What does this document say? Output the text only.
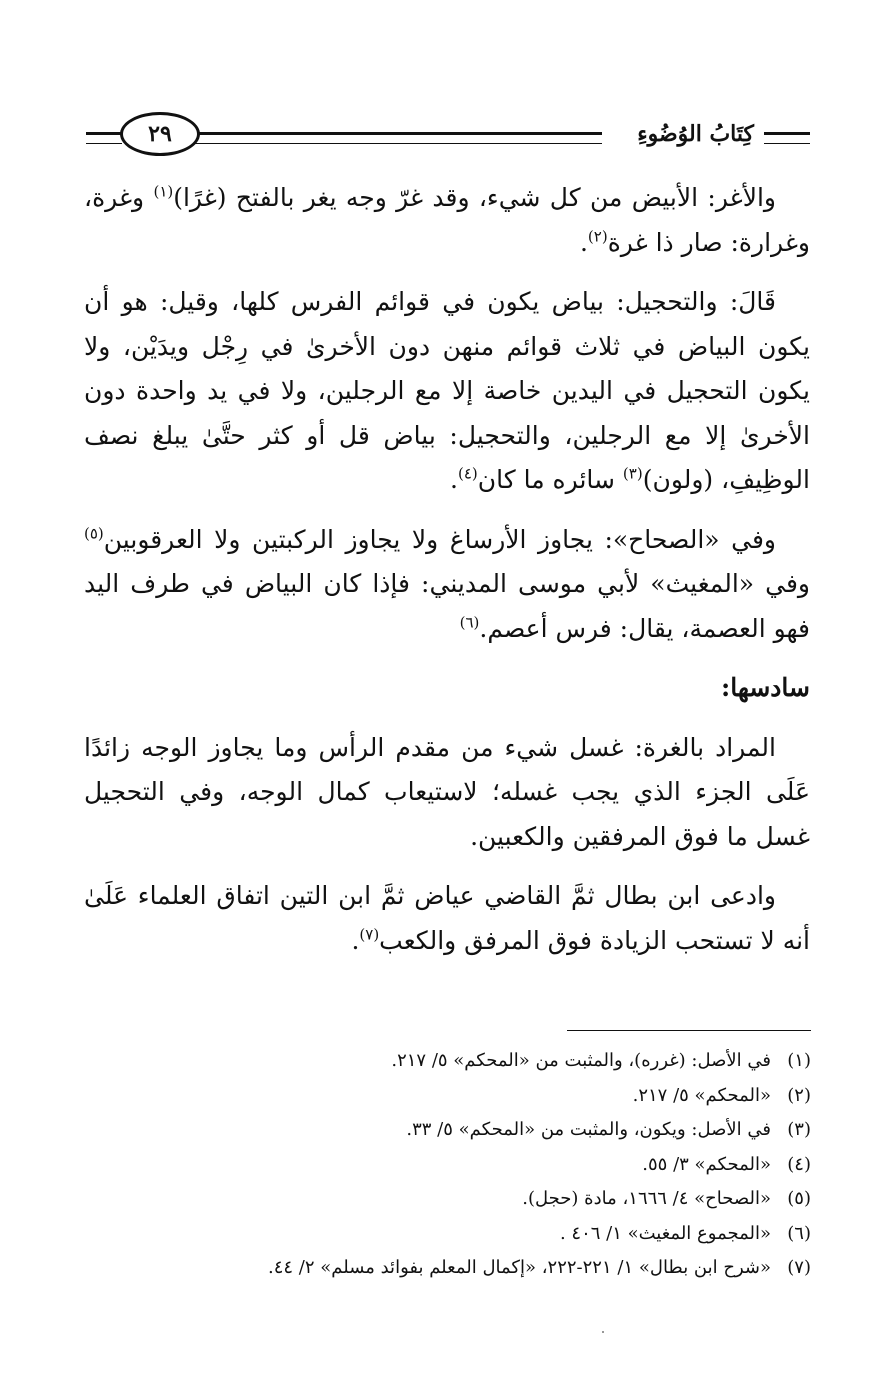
كِتَابُ الوُضُوءِ
٢٩

والأغر: الأبيض من كل شيء، وقد غرّ وجه يغر بالفتح (غرًا)$^{(١)}$ وغرة، وغرارة: صار ذا غرة$^{(٢)}$.

قَالَ: والتحجيل: بياض يكون في قوائم الفرس كلها، وقيل: هو أن يكون البياض في ثلاث قوائم منهن دون الأخرىٰ في رِجْل ويدَيْن، ولا يكون التحجيل في اليدين خاصة إلا مع الرجلين، ولا في يد واحدة دون الأخرىٰ إلا مع الرجلين، والتحجيل: بياض قل أو كثر حتَّىٰ يبلغ نصف الوظِيفِ، (ولون)$^{(٣)}$ سائره ما كان$^{(٤)}$.

وفي «الصحاح»: يجاوز الأرساغ ولا يجاوز الركبتين ولا العرقوبين$^{(٥)}$ وفي «المغيث» لأبي موسى المديني: فإذا كان البياض في طرف اليد فهو العصمة، يقال: فرس أعصم.$^{(٦)}$

سادسها:

المراد بالغرة: غسل شيء من مقدم الرأس وما يجاوز الوجه زائدًا عَلَى الجزء الذي يجب غسله؛ لاستيعاب كمال الوجه، وفي التحجيل غسل ما فوق المرفقين والكعبين.

وادعى ابن بطال ثمَّ القاضي عياض ثمَّ ابن التين اتفاق العلماء عَلَىٰ أنه لا تستحب الزيادة فوق المرفق والكعب$^{(٧)}$.

(١)في الأصل: (غرره)، والمثبت من «المحكم» ٥/ ٢١٧.
(٢)«المحكم» ٥/ ٢١٧.
(٣)في الأصل: ويكون، والمثبت من «المحكم» ٥/ ٣٣.
(٤)«المحكم» ٣/ ٥٥.
(٥)«الصحاح» ٤/ ١٦٦٦، مادة (حجل).
(٦)«المجموع المغيث» ١/ ٤٠٦ .
(٧)«شرح ابن بطال» ١/ ٢٢١-٢٢٢، «إكمال المعلم بفوائد مسلم» ٢/ ٤٤.
